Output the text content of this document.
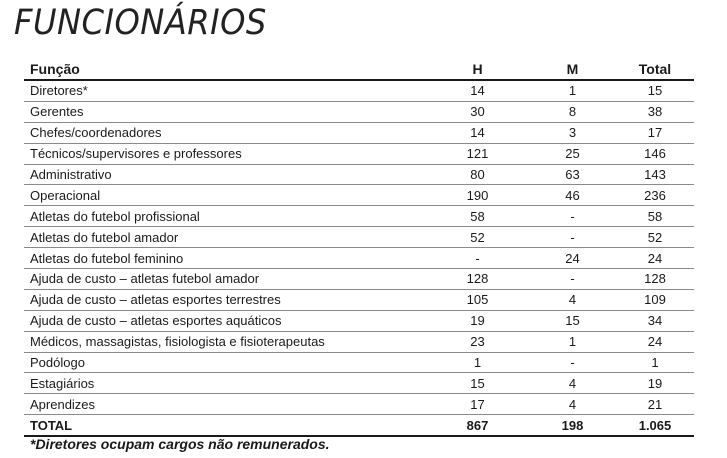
FUNCIONÁRIOS
Função	H	M	Total
Diretores*	14	1	15
Gerentes	30	8	38
Chefes/coordenadores	14	3	17
Técnicos/supervisores e professores	121	25	146
Administrativo	80	63	143
Operacional	190	46	236
Atletas do futebol profissional	58	-	58
Atletas do futebol amador	52	-	52
Atletas do futebol feminino	-	24	24
Ajuda de custo – atletas futebol amador	128	-	128
Ajuda de custo – atletas esportes terrestres	105	4	109
Ajuda de custo – atletas esportes aquáticos	19	15	34
Médicos, massagistas, fisiologista e fisioterapeutas	23	1	24
Podólogo	1	-	1
Estagiários	15	4	19
Aprendizes	17	4	21
TOTAL	867	198	1.065
*Diretores ocupam cargos não remunerados.
